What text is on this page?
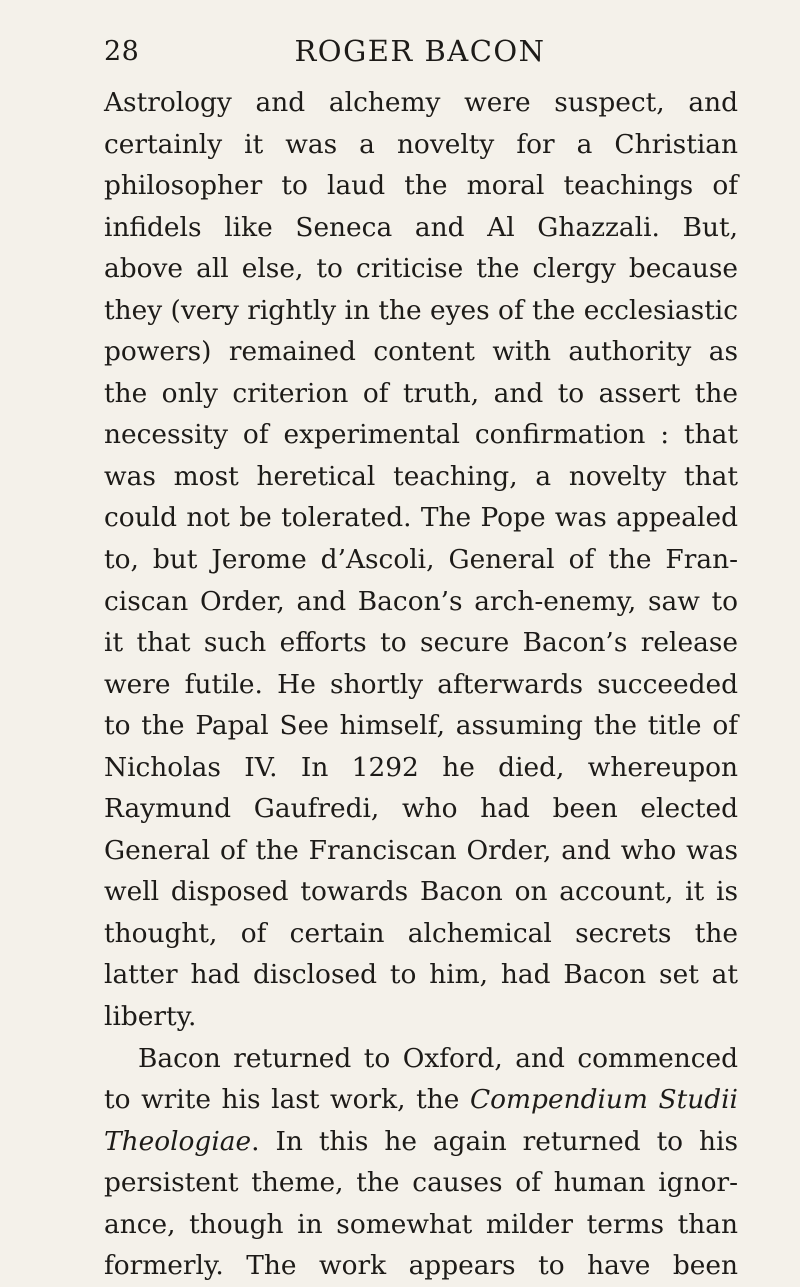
28	ROGER BACON
Astrology and alchemy were suspect, and
certainly it was a novelty for a Christian
philosopher to laud the moral teachings of
infidels like Seneca and Al Ghazzali. But,
above all else, to criticise the clergy because
they (very rightly in the eyes of the ecclesiastic
powers) remained content with authority as
the only criterion of truth, and to assert the
necessity of experimental confirmation : that
was most heretical teaching, a novelty that
could not be tolerated. The Pope was appealed
to, but Jerome d’Ascoli, General of the Fran-
ciscan Order, and Bacon’s arch-enemy, saw to
it that such efforts to secure Bacon’s release
were futile. He shortly afterwards succeeded
to the Papal See himself, assuming the title of
Nicholas IV. In 1292 he died, whereupon
Raymund Gaufredi, who had been elected
General of the Franciscan Order, and who was
well disposed towards Bacon on account, it is
thought, of certain alchemical secrets the
latter had disclosed to him, had Bacon set at
liberty.
Bacon returned to Oxford, and commenced
to write his last work, the Compendium Studii
Theologiae. In this he again returned to his
persistent theme, the causes of human ignor-
ance, though in somewhat milder terms than
formerly. The work appears to have been
